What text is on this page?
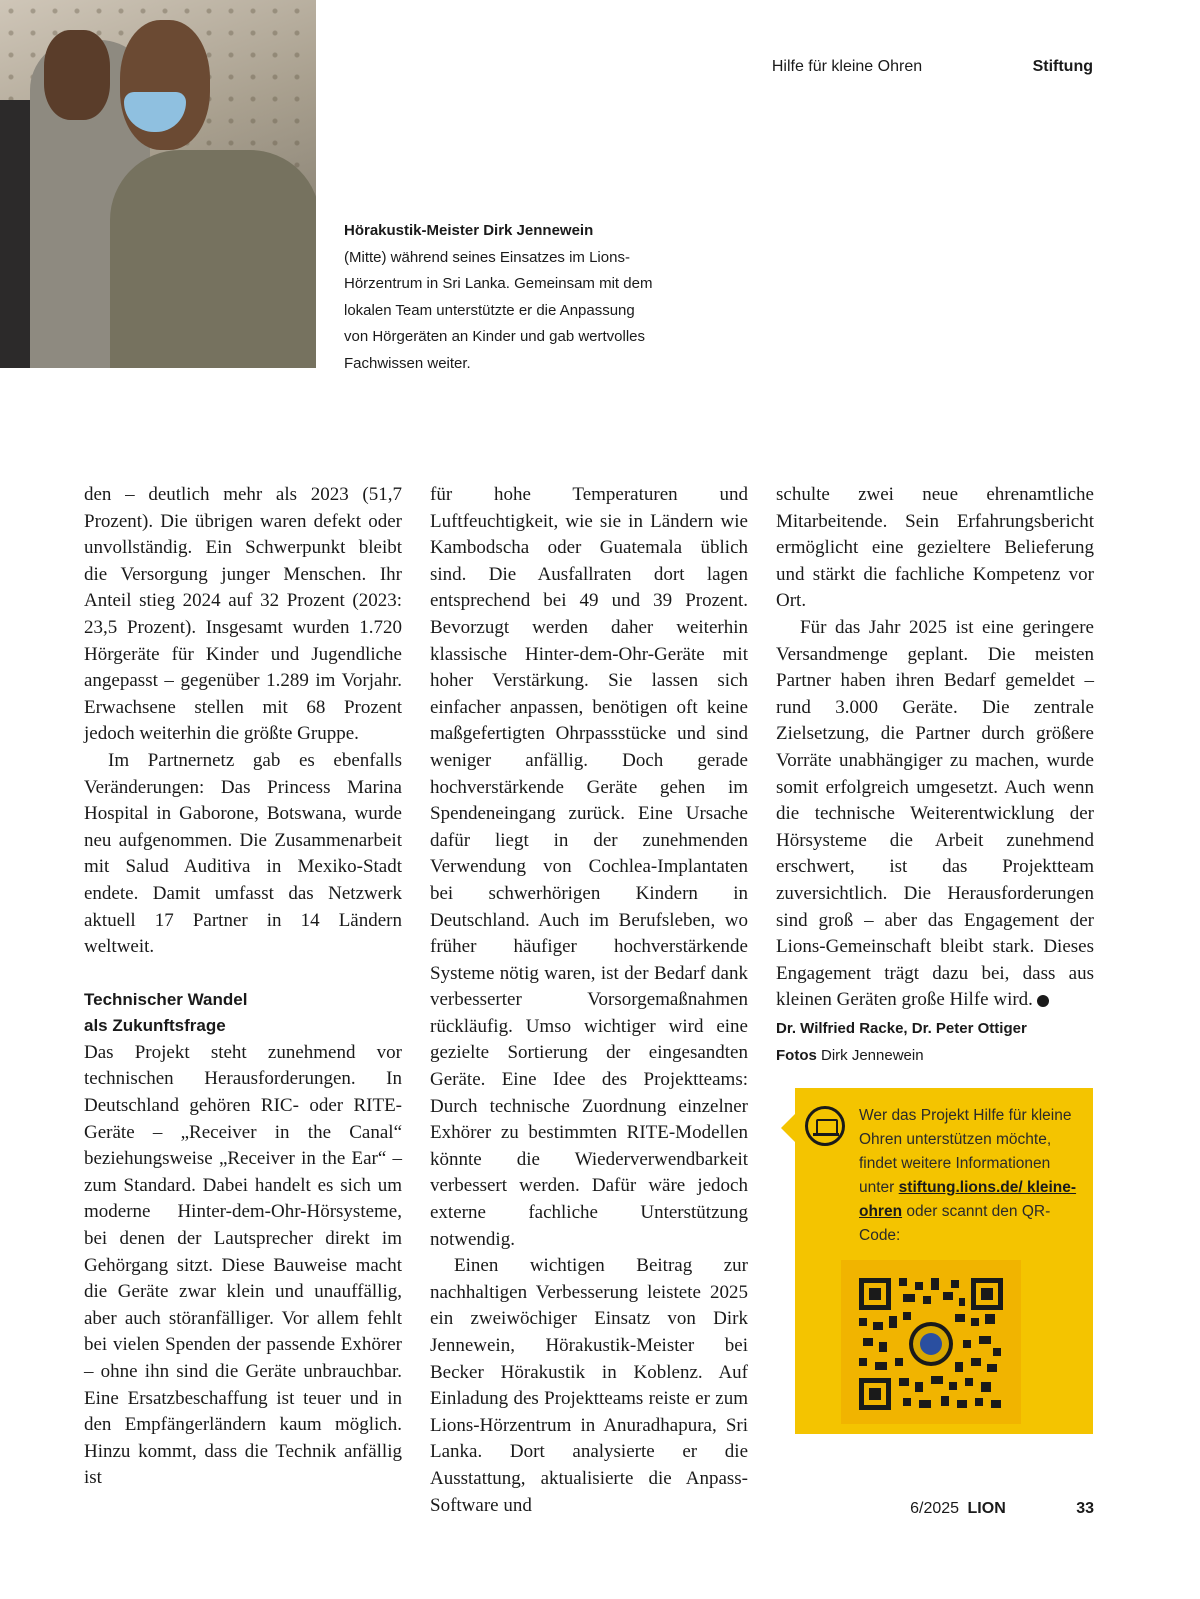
Hilfe für kleine Ohren	Stiftung
Hörakustik-Meister Dirk Jennewein
(Mitte) während seines Einsatzes im Lions-Hörzentrum in Sri Lanka. Gemeinsam mit dem lokalen Team unterstützte er die Anpassung von Hörgeräten an Kinder und gab wertvolles Fachwissen weiter.

den – deutlich mehr als 2023 (51,7 Prozent). Die übrigen waren defekt oder unvollständig. Ein Schwerpunkt bleibt die Versorgung junger Menschen. Ihr Anteil stieg 2024 auf 32 Prozent (2023: 23,5 Prozent). Insgesamt wurden 1.720 Hörgeräte für Kinder und Jugendliche angepasst – gegenüber 1.289 im Vorjahr. Erwachsene stellen mit 68 Prozent jedoch weiterhin die größte Gruppe.

Im Partnernetz gab es ebenfalls Veränderungen: Das Princess Marina Hospital in Gaborone, Botswana, wurde neu aufgenommen. Die Zusammenarbeit mit Salud Auditiva in Mexiko-Stadt endete. Damit umfasst das Netzwerk aktuell 17 Partner in 14 Ländern weltweit.

Technischer Wandel
als Zukunftsfrage

Das Projekt steht zunehmend vor technischen Herausforderungen. In Deutschland gehören RIC- oder RITE-Geräte – „Receiver in the Canal“ beziehungsweise „Receiver in the Ear“ – zum Standard. Dabei handelt es sich um moderne Hinter-dem-Ohr-Hörsysteme, bei denen der Lautsprecher direkt im Gehörgang sitzt. Diese Bauweise macht die Geräte zwar klein und unauffällig, aber auch störanfälliger. Vor allem fehlt bei vielen Spenden der passende Exhörer – ohne ihn sind die Geräte unbrauchbar. Eine Ersatzbeschaffung ist teuer und in den Empfängerländern kaum möglich. Hinzu kommt, dass die Technik anfällig ist

für hohe Temperaturen und Luftfeuchtigkeit, wie sie in Ländern wie Kambodscha oder Guatemala üblich sind. Die Ausfallraten dort lagen entsprechend bei 49 und 39 Prozent. Bevorzugt werden daher weiterhin klassische Hinter-dem-Ohr-Geräte mit hoher Verstärkung. Sie lassen sich einfacher anpassen, benötigen oft keine maßgefertigten Ohrpassstücke und sind weniger anfällig. Doch gerade hochverstärkende Geräte gehen im Spendeneingang zurück. Eine Ursache dafür liegt in der zunehmenden Verwendung von Cochlea-Implantaten bei schwerhörigen Kindern in Deutschland. Auch im Berufsleben, wo früher häufiger hochverstärkende Systeme nötig waren, ist der Bedarf dank verbesserter Vorsorgemaßnahmen rückläufig. Umso wichtiger wird eine gezielte Sortierung der eingesandten Geräte. Eine Idee des Projektteams: Durch technische Zuordnung einzelner Exhörer zu bestimmten RITE-Modellen könnte die Wiederverwendbarkeit verbessert werden. Dafür wäre jedoch externe fachliche Unterstützung notwendig.

Einen wichtigen Beitrag zur nachhaltigen Verbesserung leistete 2025 ein zweiwöchiger Einsatz von Dirk Jennewein, Hörakustik-Meister bei Becker Hörakustik in Koblenz. Auf Einladung des Projektteams reiste er zum Lions-Hörzentrum in Anuradhapura, Sri Lanka. Dort analysierte er die Ausstattung, aktualisierte die Anpass-Software und

schulte zwei neue ehrenamtliche Mitarbeitende. Sein Erfahrungsbericht ermöglicht eine gezieltere Belieferung und stärkt die fachliche Kompetenz vor Ort.

Für das Jahr 2025 ist eine geringere Versandmenge geplant. Die meisten Partner haben ihren Bedarf gemeldet – rund 3.000 Geräte. Die zentrale Zielsetzung, die Partner durch größere Vorräte unabhängiger zu machen, wurde somit erfolgreich umgesetzt. Auch wenn die technische Weiterentwicklung der Hörsysteme die Arbeit zunehmend erschwert, ist das Projektteam zuversichtlich. Die Herausforderungen sind groß – aber das Engagement der Lions-Gemeinschaft bleibt stark. Dieses Engagement trägt dazu bei, dass aus kleinen Geräten große Hilfe wird.

Dr. Wilfried Racke, Dr. Peter Ottiger
Fotos Dirk Jennewein
Wer das Projekt Hilfe für kleine Ohren unterstützen möchte, findet weitere Informationen unter stiftung.lions.de/ kleine-ohren oder scannt den QR-Code:
6/2025 LION	33
